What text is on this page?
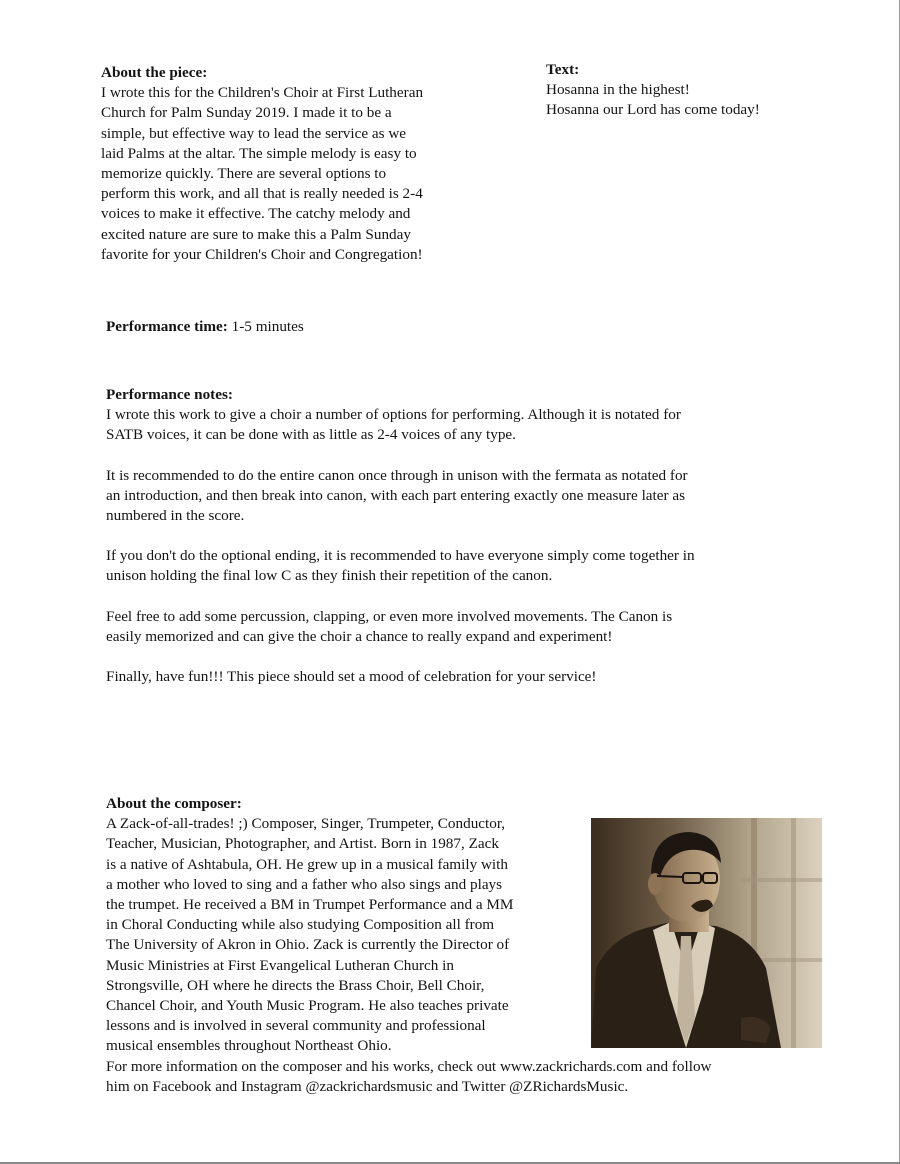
About the piece:
I wrote this for the Children's Choir at First Lutheran
Church for Palm Sunday 2019. I made it to be a
simple, but effective way to lead the service as we
laid Palms at the altar. The simple melody is easy to
memorize quickly. There are several options to
perform this work, and all that is really needed is 2-4
voices to make it effective. The catchy melody and
excited nature are sure to make this a Palm Sunday
favorite for your Children's Choir and Congregation!
Text:
Hosanna in the highest!
Hosanna our Lord has come today!
Performance time: 1-5 minutes
Performance notes:
I wrote this work to give a choir a number of options for performing. Although it is notated for
SATB voices, it can be done with as little as 2-4 voices of any type.
It is recommended to do the entire canon once through in unison with the fermata as notated for
an introduction, and then break into canon, with each part entering exactly one measure later as
numbered in the score.
If you don't do the optional ending, it is recommended to have everyone simply come together in
unison holding the final low C as they finish their repetition of the canon.
Feel free to add some percussion, clapping, or even more involved movements. The Canon is
easily memorized and can give the choir a chance to really expand and experiment!
Finally, have fun!!! This piece should set a mood of celebration for your service!
About the composer:
A Zack-of-all-trades! ;) Composer, Singer, Trumpeter, Conductor,
Teacher, Musician, Photographer, and Artist. Born in 1987, Zack
is a native of Ashtabula, OH. He grew up in a musical family with
a mother who loved to sing and a father who also sings and plays
the trumpet. He received a BM in Trumpet Performance and a MM
in Choral Conducting while also studying Composition all from
The University of Akron in Ohio. Zack is currently the Director of
Music Ministries at First Evangelical Lutheran Church in
Strongsville, OH where he directs the Brass Choir, Bell Choir,
Chancel Choir, and Youth Music Program. He also teaches private
lessons and is involved in several community and professional
musical ensembles throughout Northeast Ohio.
For more information on the composer and his works, check out www.zackrichards.com and follow
him on Facebook and Instagram @zackrichardsmusic and Twitter @ZRichardsMusic.
